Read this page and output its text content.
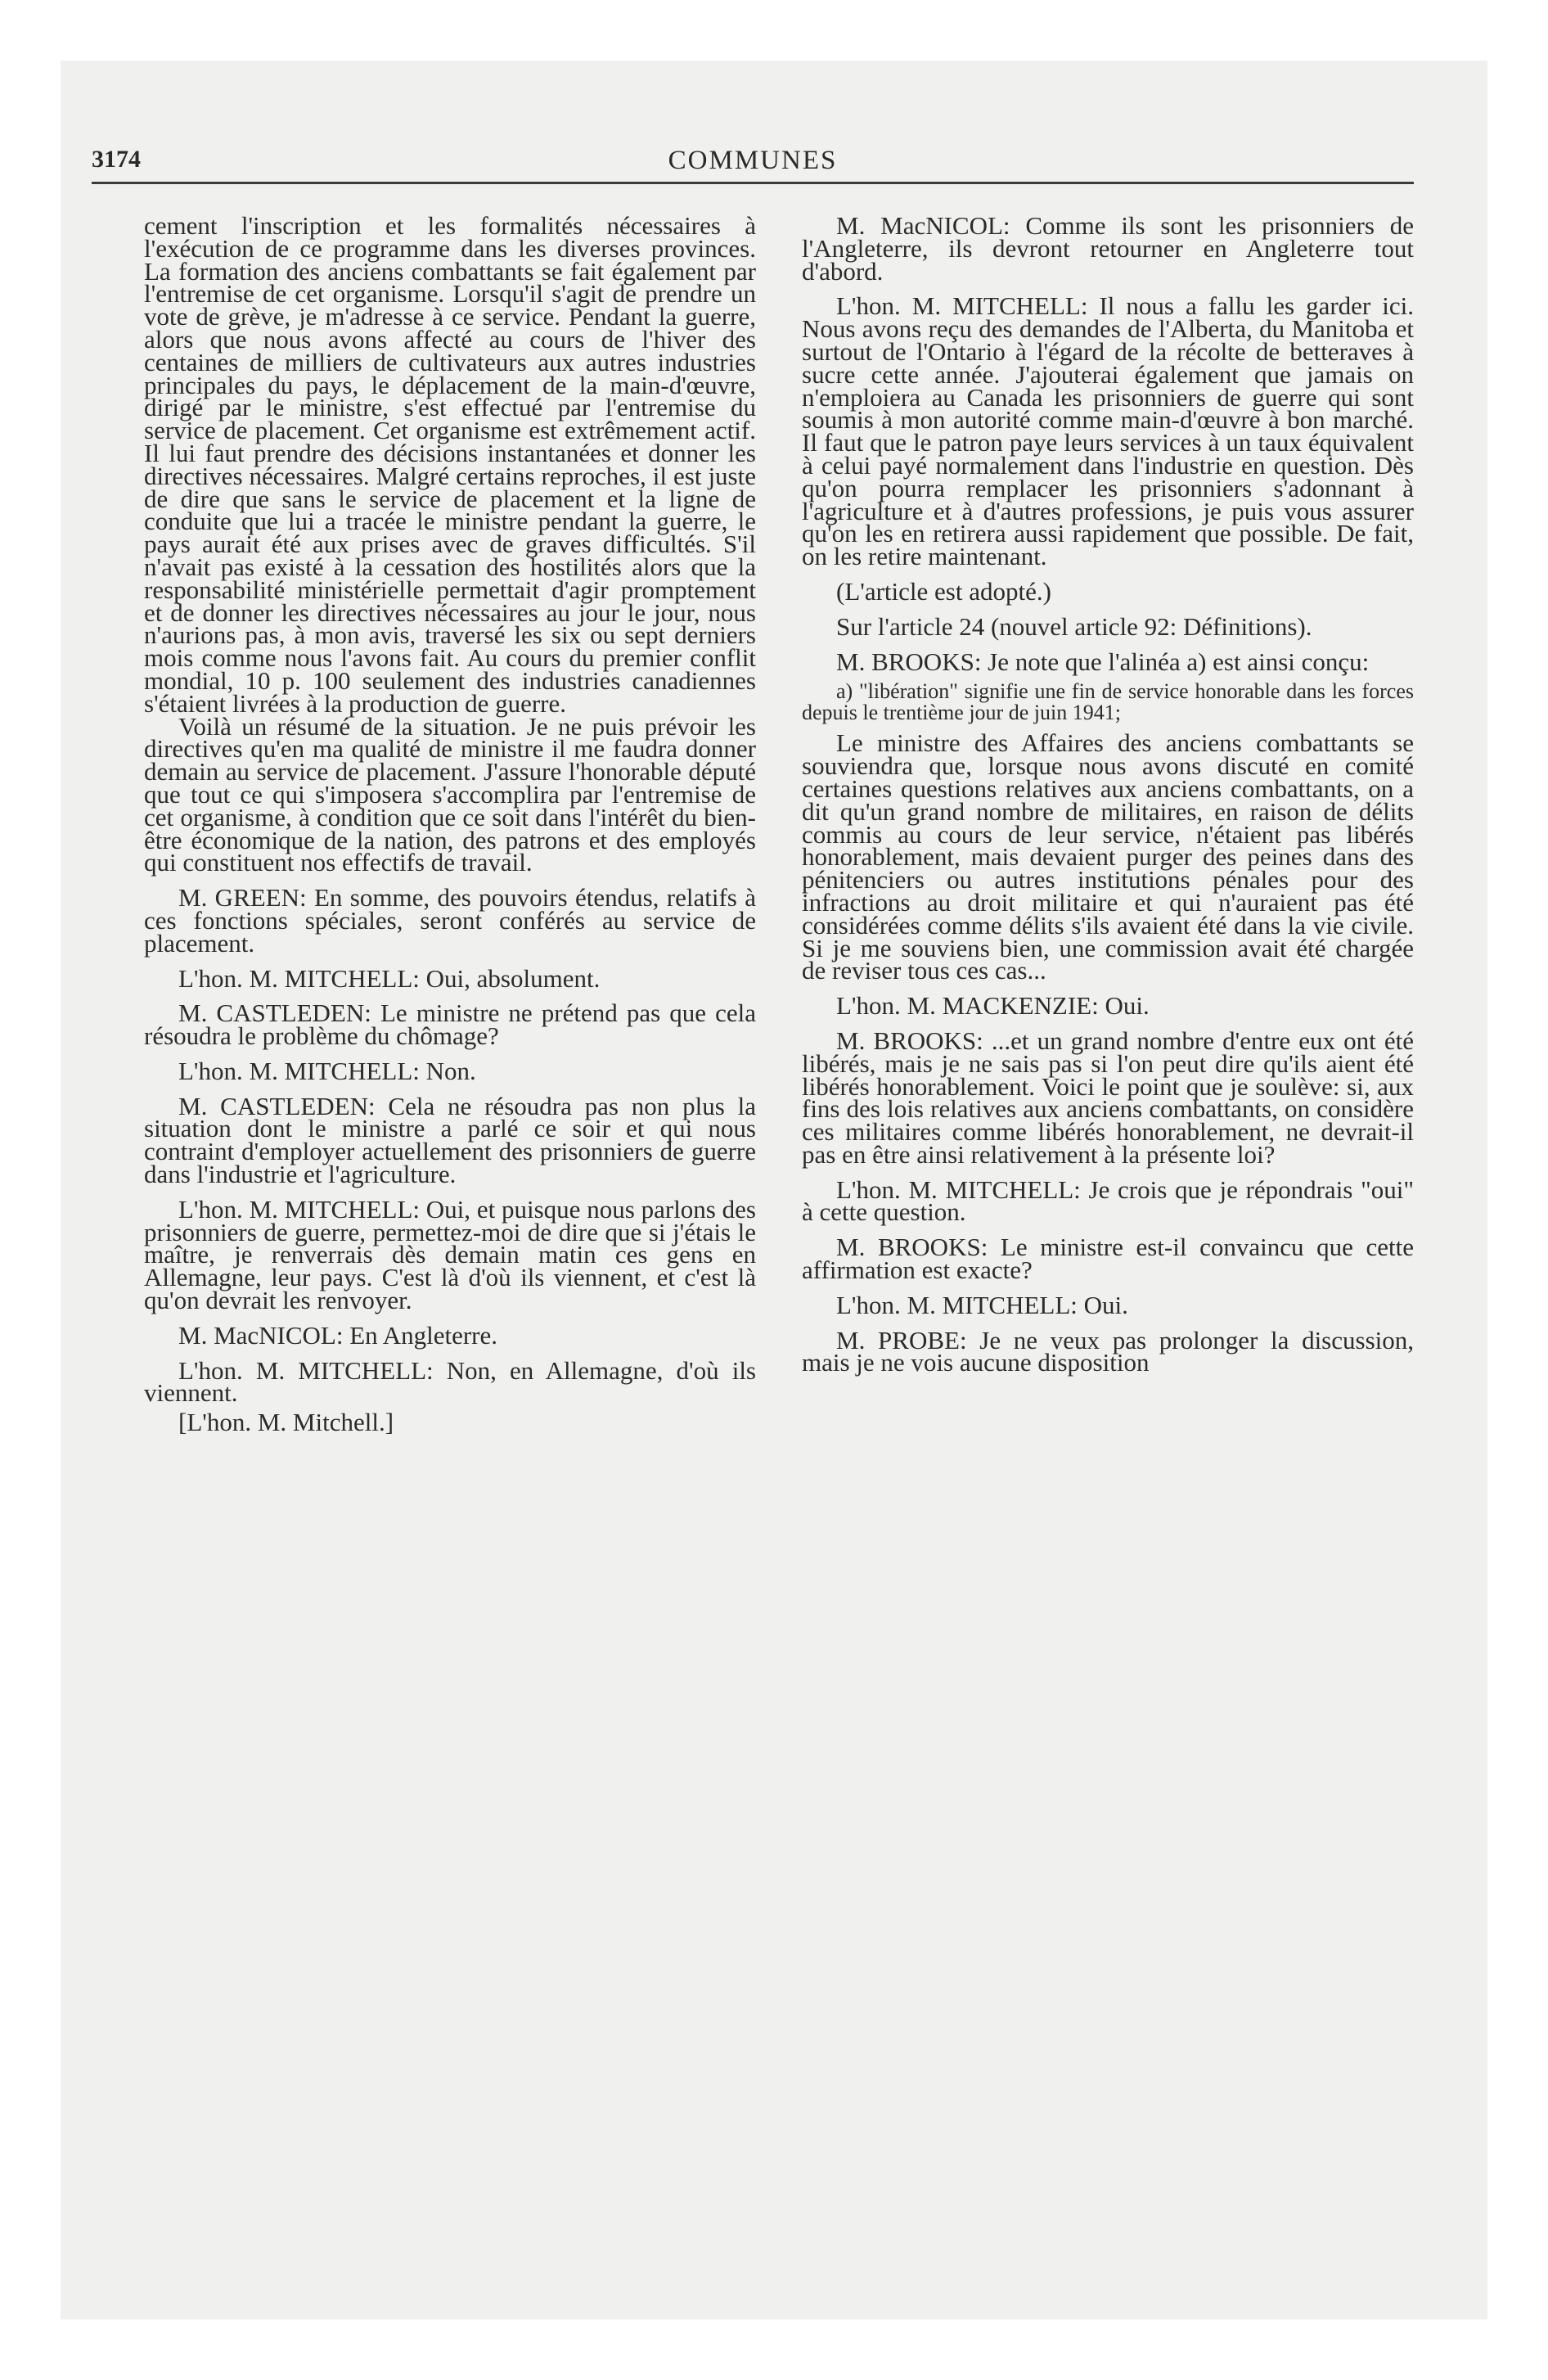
3174	COMMUNES

cement l'inscription et les formalités nécessaires à l'exécution de ce programme dans les diverses provinces. La formation des anciens combattants se fait également par l'entremise de cet organisme. Lorsqu'il s'agit de prendre un vote de grève, je m'adresse à ce service. Pendant la guerre, alors que nous avons affecté au cours de l'hiver des centaines de milliers de cultivateurs aux autres industries principales du pays, le déplacement de la main-d'œuvre, dirigé par le ministre, s'est effectué par l'entremise du service de placement. Cet organisme est extrêmement actif. Il lui faut prendre des décisions instantanées et donner les directives nécessaires. Malgré certains reproches, il est juste de dire que sans le service de placement et la ligne de conduite que lui a tracée le ministre pendant la guerre, le pays aurait été aux prises avec de graves difficultés. S'il n'avait pas existé à la cessation des hostilités alors que la responsabilité ministérielle permettait d'agir promptement et de donner les directives nécessaires au jour le jour, nous n'aurions pas, à mon avis, traversé les six ou sept derniers mois comme nous l'avons fait. Au cours du premier conflit mondial, 10 p. 100 seulement des industries canadiennes s'étaient livrées à la production de guerre.

Voilà un résumé de la situation. Je ne puis prévoir les directives qu'en ma qualité de ministre il me faudra donner demain au service de placement. J'assure l'honorable député que tout ce qui s'imposera s'accomplira par l'entremise de cet organisme, à condition que ce soit dans l'intérêt du bien-être économique de la nation, des patrons et des employés qui constituent nos effectifs de travail.

M. GREEN: En somme, des pouvoirs étendus, relatifs à ces fonctions spéciales, seront conférés au service de placement.

L'hon. M. MITCHELL: Oui, absolument.

M. CASTLEDEN: Le ministre ne prétend pas que cela résoudra le problème du chômage?

L'hon. M. MITCHELL: Non.

M. CASTLEDEN: Cela ne résoudra pas non plus la situation dont le ministre a parlé ce soir et qui nous contraint d'employer actuellement des prisonniers de guerre dans l'industrie et l'agriculture.

L'hon. M. MITCHELL: Oui, et puisque nous parlons des prisonniers de guerre, permettez-moi de dire que si j'étais le maître, je renverrais dès demain matin ces gens en Allemagne, leur pays. C'est là d'où ils viennent, et c'est là qu'on devrait les renvoyer.

M. MacNICOL: En Angleterre.

L'hon. M. MITCHELL: Non, en Allemagne, d'où ils viennent.

[L'hon. M. Mitchell.]

M. MacNICOL: Comme ils sont les prisonniers de l'Angleterre, ils devront retourner en Angleterre tout d'abord.

L'hon. M. MITCHELL: Il nous a fallu les garder ici. Nous avons reçu des demandes de l'Alberta, du Manitoba et surtout de l'Ontario à l'égard de la récolte de betteraves à sucre cette année. J'ajouterai également que jamais on n'emploiera au Canada les prisonniers de guerre qui sont soumis à mon autorité comme main-d'œuvre à bon marché. Il faut que le patron paye leurs services à un taux équivalent à celui payé normalement dans l'industrie en question. Dès qu'on pourra remplacer les prisonniers s'adonnant à l'agriculture et à d'autres professions, je puis vous assurer qu'on les en retirera aussi rapidement que possible. De fait, on les retire maintenant.

(L'article est adopté.)

Sur l'article 24 (nouvel article 92: Définitions).

M. BROOKS: Je note que l'alinéa a) est ainsi conçu:

a) "libération" signifie une fin de service honorable dans les forces depuis le trentième jour de juin 1941;

Le ministre des Affaires des anciens combattants se souviendra que, lorsque nous avons discuté en comité certaines questions relatives aux anciens combattants, on a dit qu'un grand nombre de militaires, en raison de délits commis au cours de leur service, n'étaient pas libérés honorablement, mais devaient purger des peines dans des pénitenciers ou autres institutions pénales pour des infractions au droit militaire et qui n'auraient pas été considérées comme délits s'ils avaient été dans la vie civile. Si je me souviens bien, une commission avait été chargée de reviser tous ces cas...

L'hon. M. MACKENZIE: Oui.

M. BROOKS: ...et un grand nombre d'entre eux ont été libérés, mais je ne sais pas si l'on peut dire qu'ils aient été libérés honorablement. Voici le point que je soulève: si, aux fins des lois relatives aux anciens combattants, on considère ces militaires comme libérés honorablement, ne devrait-il pas en être ainsi relativement à la présente loi?

L'hon. M. MITCHELL: Je crois que je répondrais "oui" à cette question.

M. BROOKS: Le ministre est-il convaincu que cette affirmation est exacte?

L'hon. M. MITCHELL: Oui.

M. PROBE: Je ne veux pas prolonger la discussion, mais je ne vois aucune disposition
